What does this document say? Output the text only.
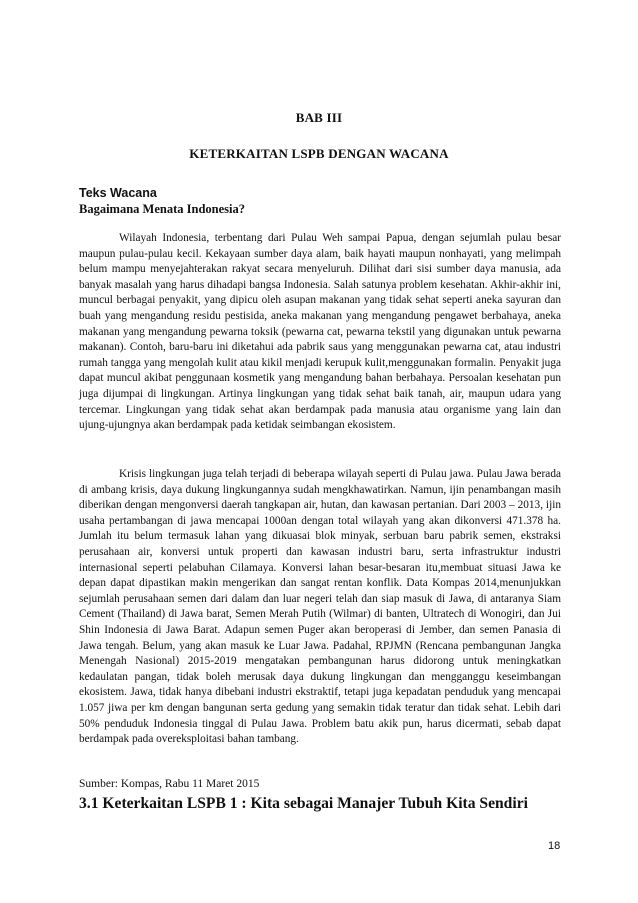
BAB III
KETERKAITAN LSPB DENGAN WACANA
Teks Wacana
Bagaimana Menata Indonesia?

Wilayah Indonesia, terbentang dari Pulau Weh sampai Papua, dengan sejumlah pulau besar maupun pulau-pulau kecil. Kekayaan sumber daya alam, baik hayati maupun nonhayati, yang melimpah belum mampu menyejahterakan rakyat secara menyeluruh. Dilihat dari sisi sumber daya manusia, ada banyak masalah yang harus dihadapi bangsa Indonesia. Salah satunya problem kesehatan. Akhir-akhir ini, muncul berbagai penyakit, yang dipicu oleh asupan makanan yang tidak sehat seperti aneka sayuran dan buah yang mengandung residu pestisida, aneka makanan yang mengandung pengawet berbahaya, aneka makanan yang mengandung pewarna toksik (pewarna cat, pewarna tekstil yang digunakan untuk pewarna makanan). Contoh, baru-baru ini diketahui ada pabrik saus yang menggunakan pewarna cat, atau industri rumah tangga yang mengolah kulit atau kikil menjadi kerupuk kulit,menggunakan formalin. Penyakit juga dapat muncul akibat penggunaan kosmetik yang mengandung bahan berbahaya. Persoalan kesehatan pun juga dijumpai di lingkungan. Artinya lingkungan yang tidak sehat baik tanah, air, maupun udara yang tercemar. Lingkungan yang tidak sehat akan berdampak pada manusia atau organisme yang lain dan ujung-ujungnya akan berdampak pada ketidak seimbangan ekosistem.

Krisis lingkungan juga telah terjadi di beberapa wilayah seperti di Pulau jawa. Pulau Jawa berada di ambang krisis, daya dukung lingkungannya sudah mengkhawatirkan. Namun, ijin penambangan masih diberikan dengan mengonversi daerah tangkapan air, hutan, dan kawasan pertanian. Dari 2003 – 2013, ijin usaha pertambangan di jawa mencapai 1000an dengan total wilayah yang akan dikonversi 471.378 ha. Jumlah itu belum termasuk lahan yang dikuasai blok minyak, serbuan baru pabrik semen, ekstraksi perusahaan air, konversi untuk properti dan kawasan industri baru, serta infrastruktur industri internasional seperti pelabuhan Cilamaya. Konversi lahan besar-besaran itu,membuat situasi Jawa ke depan dapat dipastikan makin mengerikan dan sangat rentan konflik. Data Kompas 2014,menunjukkan sejumlah perusahaan semen dari dalam dan luar negeri telah dan siap masuk di Jawa, di antaranya Siam Cement (Thailand) di Jawa barat, Semen Merah Putih (Wilmar) di banten, Ultratech di Wonogiri, dan Jui Shin Indonesia di Jawa Barat. Adapun semen Puger akan beroperasi di Jember, dan semen Panasia di Jawa tengah. Belum, yang akan masuk ke Luar Jawa. Padahal, RPJMN (Rencana pembangunan Jangka Menengah Nasional) 2015-2019 mengatakan pembangunan harus didorong untuk meningkatkan kedaulatan pangan, tidak boleh merusak daya dukung lingkungan dan mengganggu keseimbangan ekosistem. Jawa, tidak hanya dibebani industri ekstraktif, tetapi juga kepadatan penduduk yang mencapai 1.057 jiwa per km dengan bangunan serta gedung yang semakin tidak teratur dan tidak sehat. Lebih dari 50% penduduk Indonesia tinggal di Pulau Jawa. Problem batu akik pun, harus dicermati, sebab dapat berdampak pada overeksploitasi bahan tambang.

Sumber: Kompas, Rabu 11 Maret 2015
3.1 Keterkaitan LSPB 1 : Kita sebagai Manajer Tubuh Kita Sendiri
18
